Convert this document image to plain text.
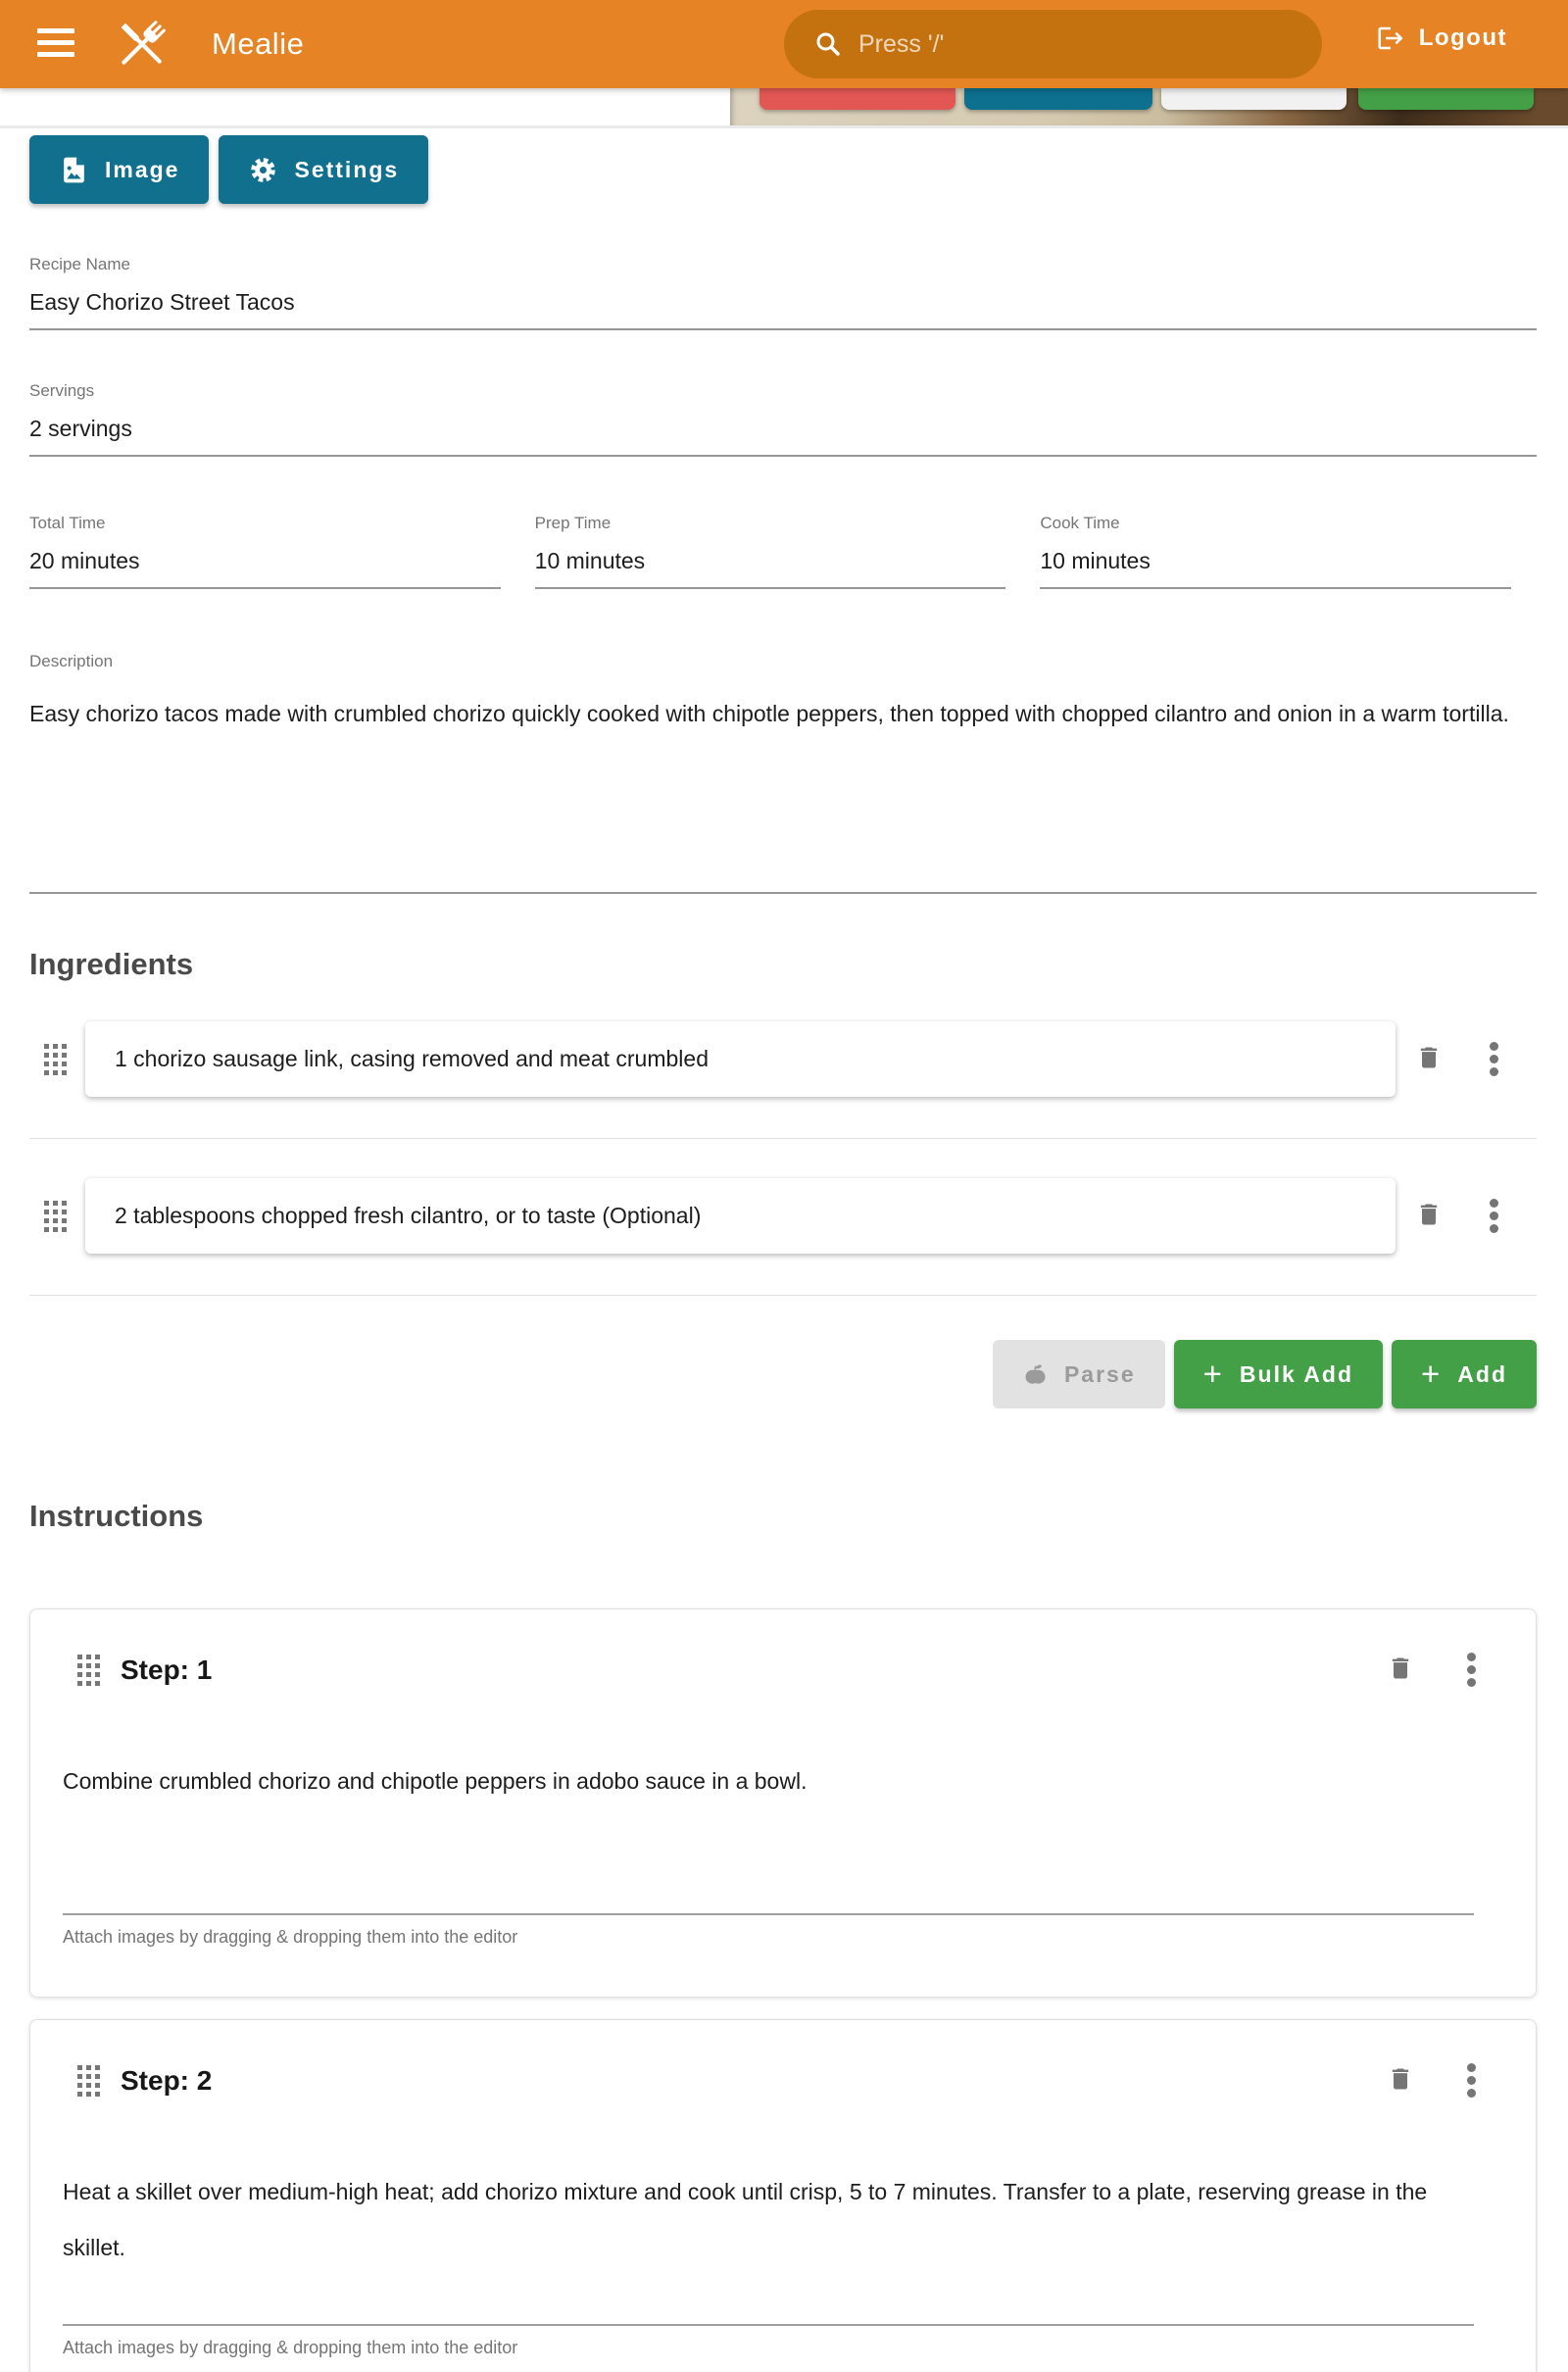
Mealie	Press '/'	Logout
Image	Settings
Recipe Name
Easy Chorizo Street Tacos
Servings
2 servings
Total Time
20 minutes
Prep Time
10 minutes
Cook Time
10 minutes
Description
Easy chorizo tacos made with crumbled chorizo quickly cooked with chipotle peppers, then topped with chopped cilantro and onion in a warm tortilla.
Ingredients
1 chorizo sausage link, casing removed and meat crumbled
2 tablespoons chopped fresh cilantro, or to taste (Optional)
Parse + Bulk Add + Add
Instructions
Step: 1
Combine crumbled chorizo and chipotle peppers in adobo sauce in a bowl.
Attach images by dragging & dropping them into the editor
Step: 2
Heat a skillet over medium-high heat; add chorizo mixture and cook until crisp, 5 to 7 minutes. Transfer to a plate, reserving grease in the skillet.
Attach images by dragging & dropping them into the editor
